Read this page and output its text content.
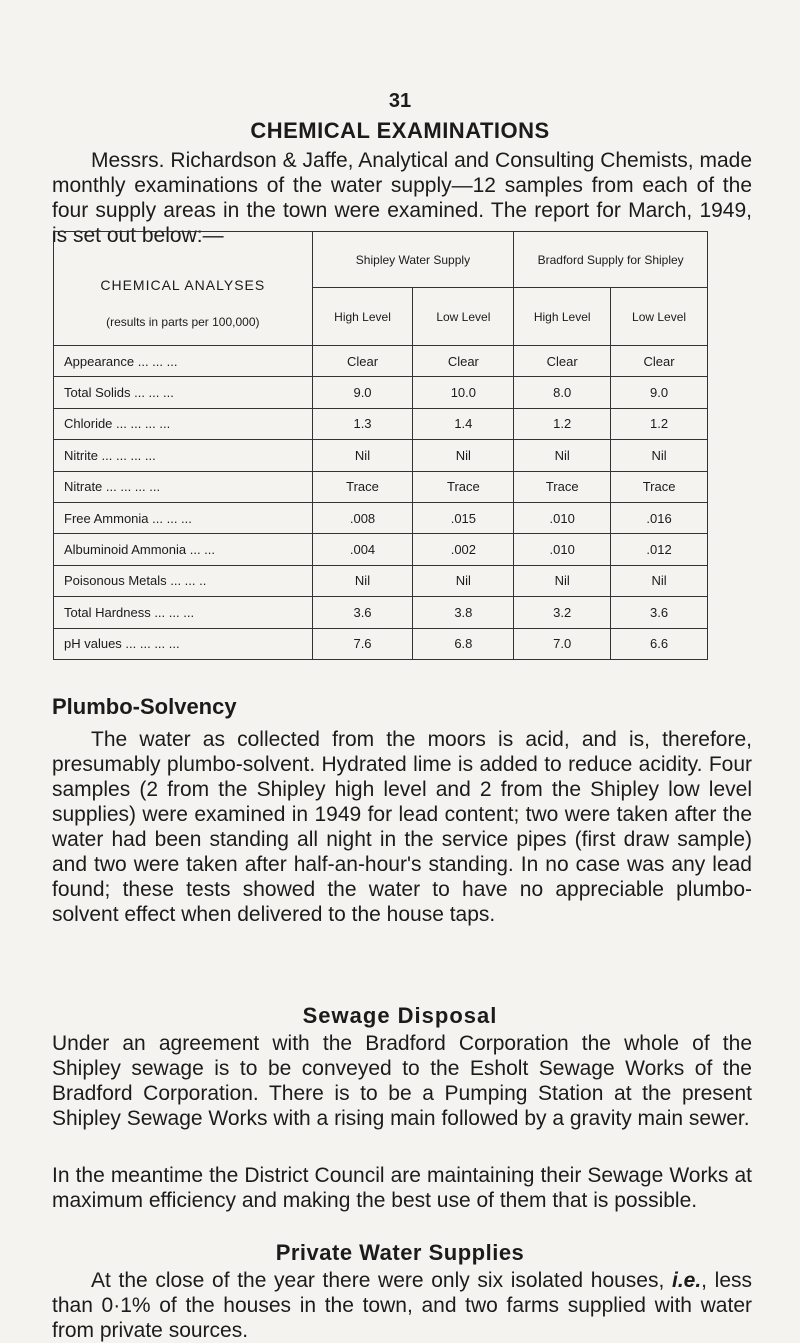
31
CHEMICAL EXAMINATIONS
Messrs. Richardson & Jaffe, Analytical and Consulting Chemists, made monthly examinations of the water supply—12 samples from each of the four supply areas in the town were examined. The report for March, 1949, is set out below:—
CHEMICAL ANALYSES
(results in parts per 100,000)	Shipley Water Supply		Bradford Supply for Shipley	
	High Level	Low Level	High Level	Low Level
Appearance ... ... ...	Clear	Clear	Clear	Clear
Total Solids ... ... ...	9.0	10.0	8.0	9.0
Chloride ... ... ... ...	1.3	1.4	1.2	1.2
Nitrite ... ... ... ...	Nil	Nil	Nil	Nil
Nitrate ... ... ... ...	Trace	Trace	Trace	Trace
Free Ammonia ... ... ...	.008	.015	.010	.016
Albuminoid Ammonia ... ...	.004	.002	.010	.012
Poisonous Metals ... ... ..	Nil	Nil	Nil	Nil
Total Hardness ... ... ...	3.6	3.8	3.2	3.6
pH values ... ... ... ...	7.6	6.8	7.0	6.6
Plumbo-Solvency
The water as collected from the moors is acid, and is, therefore, presumably plumbo-solvent. Hydrated lime is added to reduce acidity. Four samples (2 from the Shipley high level and 2 from the Shipley low level supplies) were examined in 1949 for lead content; two were taken after the water had been standing all night in the service pipes (first draw sample) and two were taken after half-an-hour's standing. In no case was any lead found; these tests showed the water to have no appreciable plumbo-solvent effect when delivered to the house taps.
Sewage Disposal
Under an agreement with the Bradford Corporation the whole of the Shipley sewage is to be conveyed to the Esholt Sewage Works of the Bradford Corporation. There is to be a Pumping Station at the present Shipley Sewage Works with a rising main followed by a gravity main sewer.
In the meantime the District Council are maintaining their Sewage Works at maximum efficiency and making the best use of them that is possible.
Private Water Supplies
At the close of the year there were only six isolated houses, i.e., less than 0·1% of the houses in the town, and two farms supplied with water from private sources.
